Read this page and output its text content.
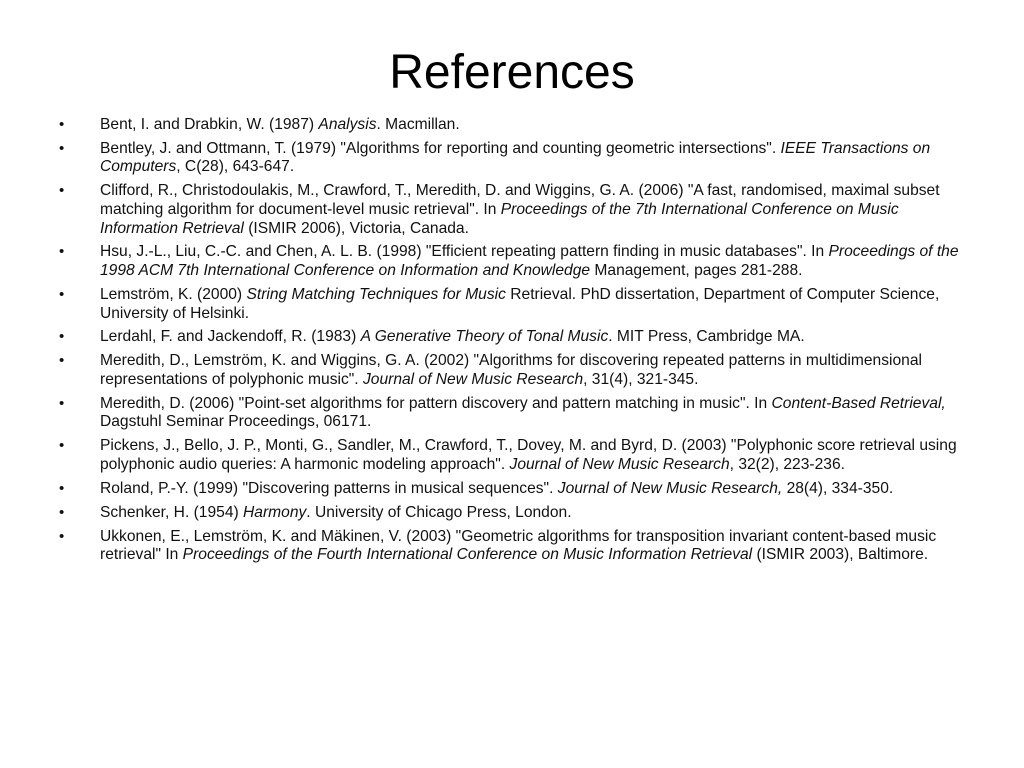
References
• Bent, I. and Drabkin, W. (1987) Analysis. Macmillan.
• Bentley, J. and Ottmann, T. (1979) "Algorithms for reporting and counting geometric intersections". IEEE Transactions on Computers, C(28), 643-647.
• Clifford, R., Christodoulakis, M., Crawford, T., Meredith, D. and Wiggins, G. A. (2006) "A fast, randomised, maximal subset matching algorithm for document-level music retrieval". In Proceedings of the 7th International Conference on Music Information Retrieval (ISMIR 2006), Victoria, Canada.
• Hsu, J.-L., Liu, C.-C. and Chen, A. L. B. (1998) "Efficient repeating pattern finding in music databases". In Proceedings of the 1998 ACM 7th International Conference on Information and Knowledge Management, pages 281-288.
• Lemström, K. (2000) String Matching Techniques for Music Retrieval. PhD dissertation, Department of Computer Science, University of Helsinki.
• Lerdahl, F. and Jackendoff, R. (1983) A Generative Theory of Tonal Music. MIT Press, Cambridge MA.
• Meredith, D., Lemström, K. and Wiggins, G. A. (2002) "Algorithms for discovering repeated patterns in multidimensional representations of polyphonic music". Journal of New Music Research, 31(4), 321-345.
• Meredith, D. (2006) "Point-set algorithms for pattern discovery and pattern matching in music". In Content-Based Retrieval, Dagstuhl Seminar Proceedings, 06171.
• Pickens, J., Bello, J. P., Monti, G., Sandler, M., Crawford, T., Dovey, M. and Byrd, D. (2003) "Polyphonic score retrieval using polyphonic audio queries: A harmonic modeling approach". Journal of New Music Research, 32(2), 223-236.
• Roland, P.-Y. (1999) "Discovering patterns in musical sequences". Journal of New Music Research, 28(4), 334-350.
• Schenker, H. (1954) Harmony. University of Chicago Press, London.
• Ukkonen, E., Lemström, K. and Mäkinen, V. (2003) "Geometric algorithms for transposition invariant content-based music retrieval" In Proceedings of the Fourth International Conference on Music Information Retrieval (ISMIR 2003), Baltimore.
